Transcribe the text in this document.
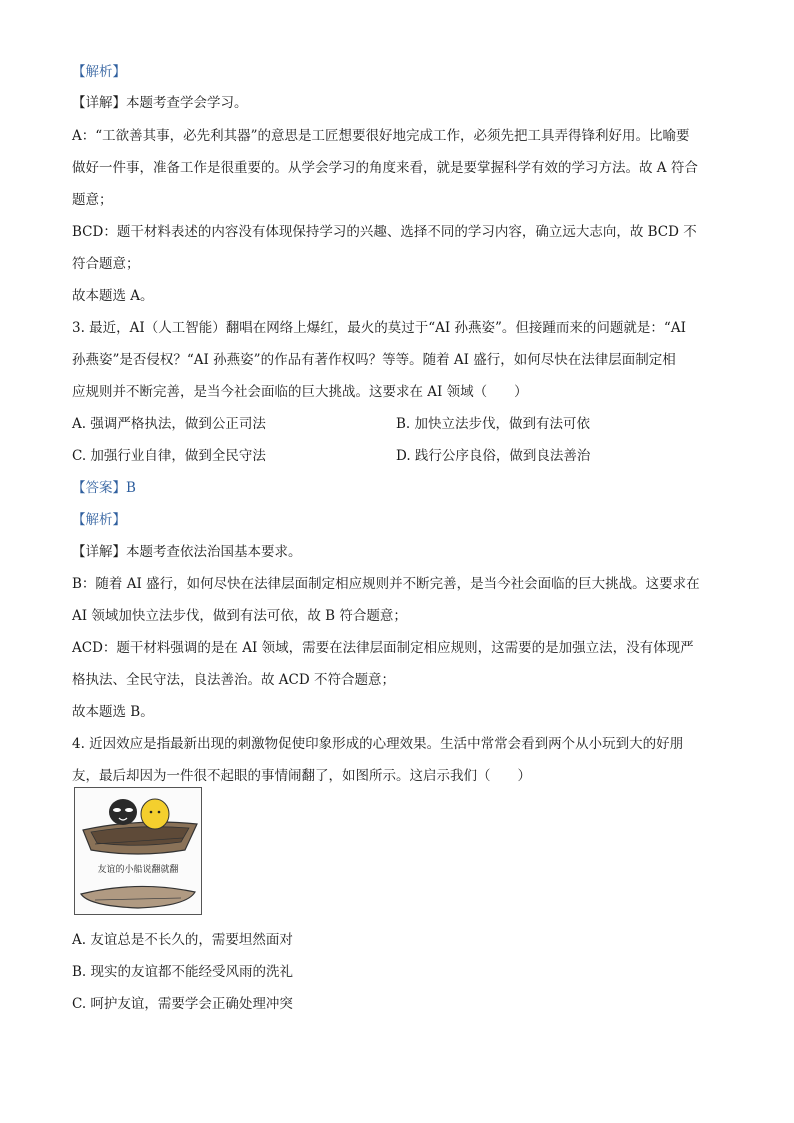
【解析】
【详解】本题考查学会学习。
A：“工欲善其事，必先利其器”的意思是工匠想要很好地完成工作，必须先把工具弄得锋利好用。比喻要
做好一件事，准备工作是很重要的。从学会学习的角度来看，就是要掌握科学有效的学习方法。故 A 符合
题意；
BCD：题干材料表述的内容没有体现保持学习的兴趣、选择不同的学习内容，确立远大志向，故 BCD 不
符合题意；
故本题选 A。
3. 最近，AI（人工智能）翻唱在网络上爆红，最火的莫过于“AI 孙燕姿”。但接踵而来的问题就是：“AI
孙燕姿”是否侵权？“AI 孙燕姿”的作品有著作权吗？等等。随着 AI 盛行，如何尽快在法律层面制定相
应规则并不断完善，是当今社会面临的巨大挑战。这要求在 AI 领域（　　）
A. 强调严格执法，做到公正司法	B. 加快立法步伐，做到有法可依
C. 加强行业自律，做到全民守法	D. 践行公序良俗，做到良法善治
【答案】B
【解析】
【详解】本题考查依法治国基本要求。
B：随着 AI 盛行，如何尽快在法律层面制定相应规则并不断完善，是当今社会面临的巨大挑战。这要求在
AI 领域加快立法步伐，做到有法可依，故 B 符合题意；
ACD：题干材料强调的是在 AI 领域，需要在法律层面制定相应规则，这需要的是加强立法，没有体现严
格执法、全民守法，良法善治。故 ACD 不符合题意；
故本题选 B。
4. 近因效应是指最新出现的刺激物促使印象形成的心理效果。生活中常常会看到两个从小玩到大的好朋
友，最后却因为一件很不起眼的事情闹翻了，如图所示。这启示我们（　　）
友谊的小船说翻就翻
A. 友谊总是不长久的，需要坦然面对
B. 现实的友谊都不能经受风雨的洗礼
C. 呵护友谊，需要学会正确处理冲突
